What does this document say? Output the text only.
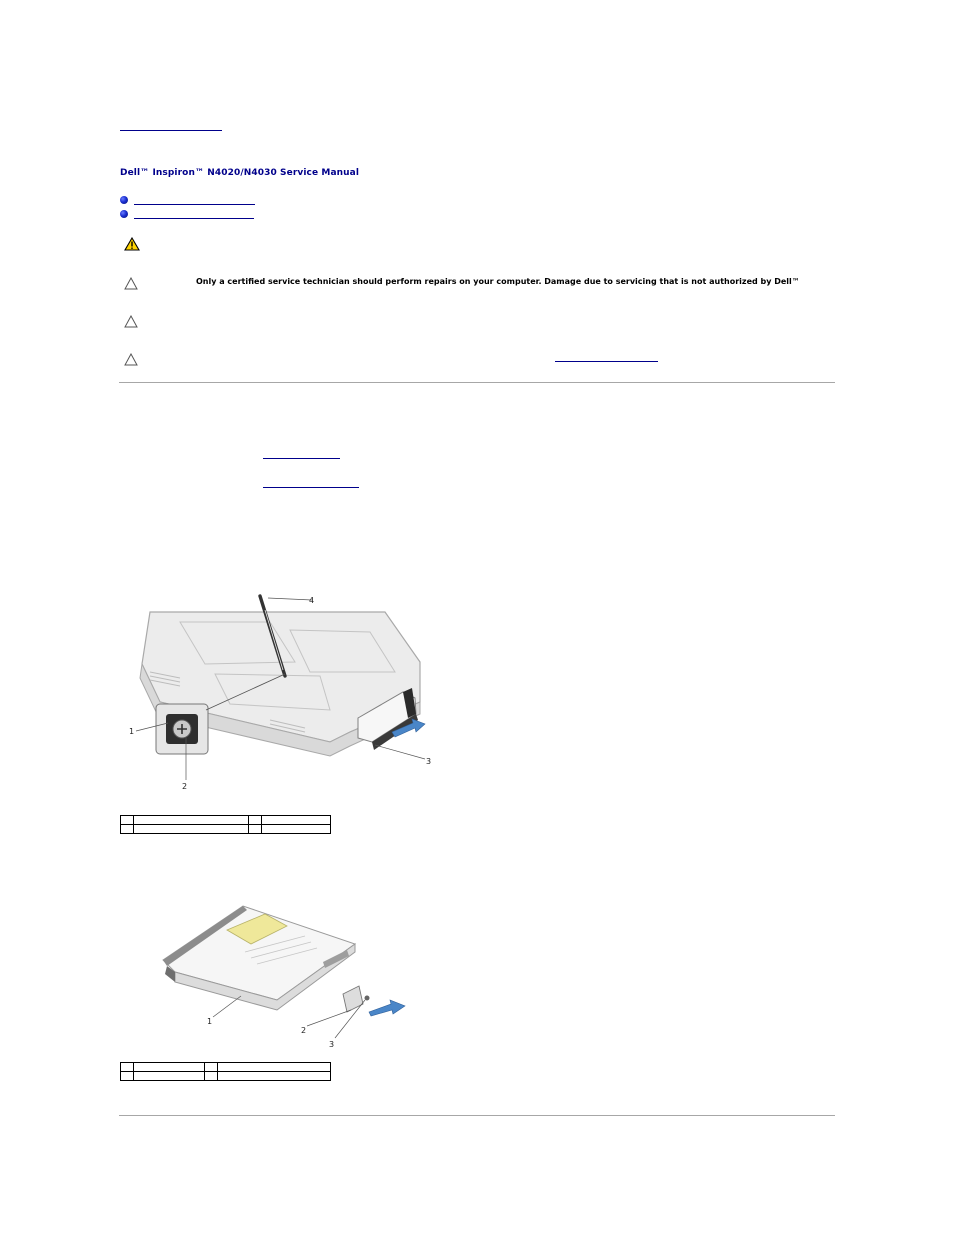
Dell™ Inspiron™ N4020/N4030 Service Manual
Only a certified service technician should perform repairs on your computer. Damage due to servicing that is not authorized by Dell™
4
1
2
3

1
2
3
